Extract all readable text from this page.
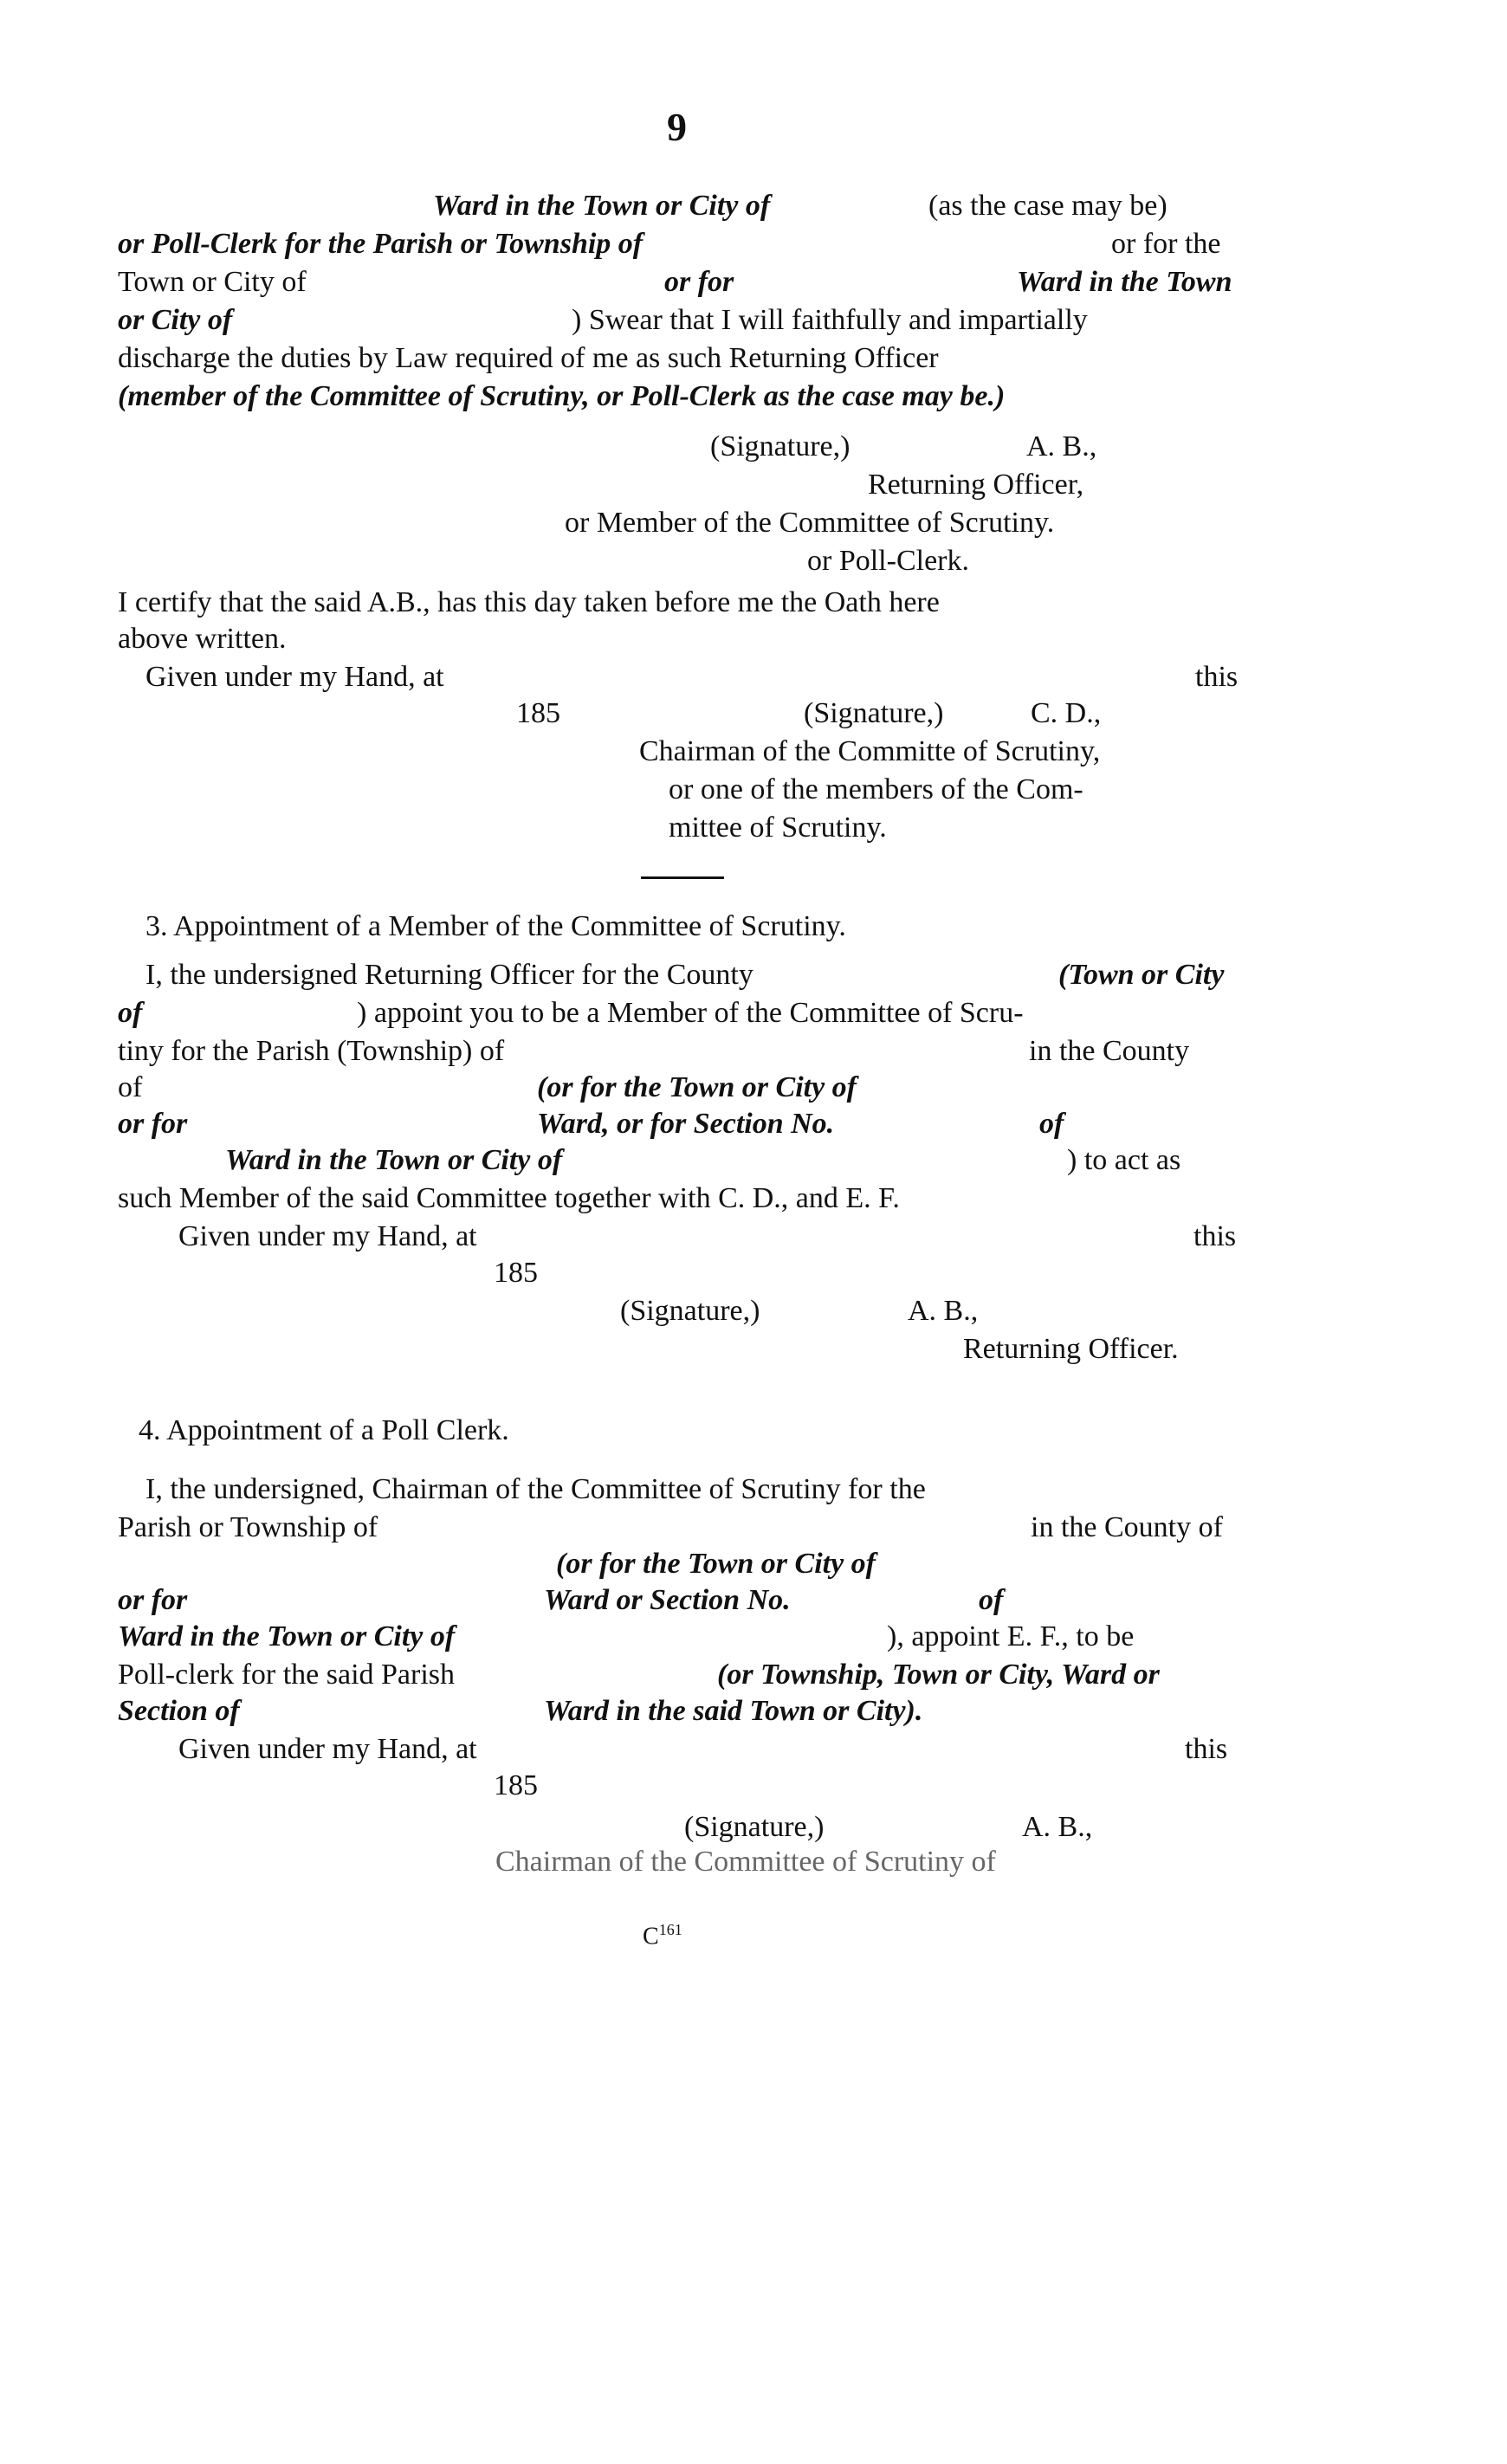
9
Ward in the Town or City of	(as the case may be)
or Poll-Clerk for the Parish or Township of	or for the
Town or City of	or for	Ward in the Town
or City of	) Swear that I will faithfully and impartially
discharge the duties by Law required of me as such Returning Officer
(member of the Committee of Scrutiny, or Poll-Clerk as the case may be.)
(Signature,)	A. B.,
Returning Officer,
or Member of the Committee of Scrutiny.
or Poll-Clerk.
I certify that the said A.B., has this day taken before me the Oath here
above written.
Given under my Hand, at	this
185	(Signature,)	C. D.,
Chairman of the Committe of Scrutiny,
or one of the members of the Com-
mittee of Scrutiny.
3. Appointment of a Member of the Committee of Scrutiny.
I, the undersigned Returning Officer for the County	(Town or City
of	) appoint you to be a Member of the Committee of Scru-
tiny for the Parish (Township) of	in the County
of	(or for the Town or City of
or for	Ward, or for Section No.	of
Ward in the Town or City of	) to act as
such Member of the said Committee together with C. D., and E. F.
Given under my Hand, at	this
185
(Signature,)	A. B.,
Returning Officer.
4. Appointment of a Poll Clerk.
I, the undersigned, Chairman of the Committee of Scrutiny for the
Parish or Township of	in the County of
(or for the Town or City of
or for	Ward or Section No.	of
Ward in the Town or City of	), appoint E. F., to be
Poll-clerk for the said Parish	(or Township, Town or City, Ward or
Section of	Ward in the said Town or City).
Given under my Hand, at	this
185
(Signature,)	A. B.,
Chairman of the Committee of Scrutiny of
$C^{161}$
